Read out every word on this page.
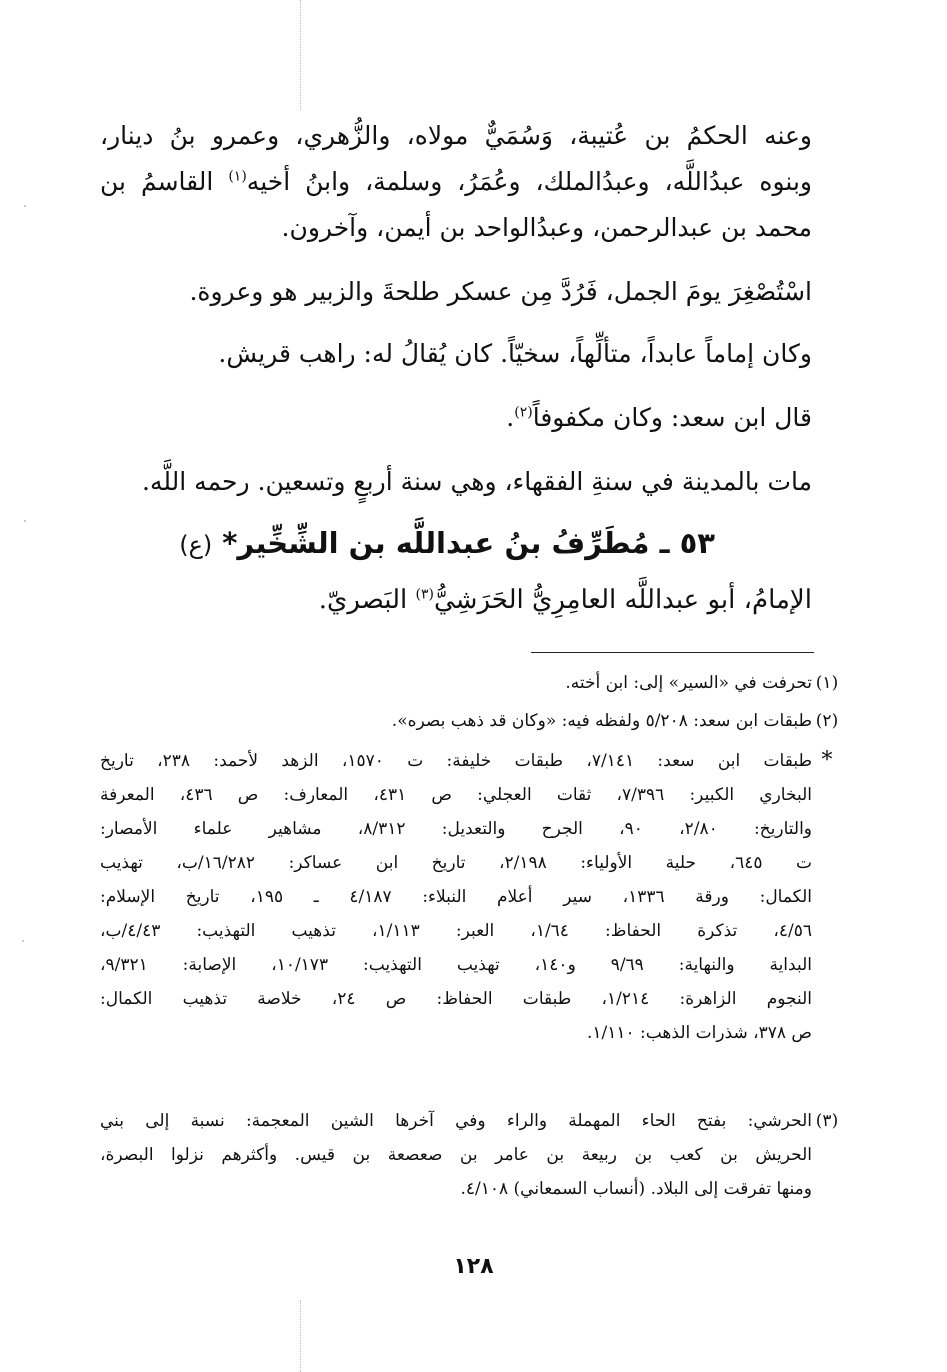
وعنه الحكمُ بن عُتيبة، وَسُمَيٌّ مولاه، والزُّهري، وعمرو بنُ دينار،
وبنوه عبدُاللَّه، وعبدُالملك، وعُمَرُ، وسلمة، وابنُ أخيه$^{(١)}$ القاسمُ بن
محمد بن عبدالرحمن، وعبدُالواحد بن أيمن، وآخرون.
اسْتُصْغِرَ يومَ الجمل، فَرُدَّ مِن عسكر طلحةَ والزبير هو وعروة.
وكان إماماً عابداً، متألِّهاً، سخيّاً. كان يُقالُ له: راهب قريش.
قال ابن سعد: وكان مكفوفاً$^{(٢)}$.
مات بالمدينة في سنةِ الفقهاء، وهي سنة أربعٍ وتسعين. رحمه اللَّه.
٥٣ ـ مُطَرِّفُ بنُ عبداللَّه بن الشِّخِّير*(ع)
الإمامُ، أبو عبداللَّه العامِرِيُّ الحَرَشِيُّ$^{(٣)}$ البَصريّ.
(١)
تحرفت في «السير» إلى: ابن أخته.
(٢)
طبقات ابن سعد: ٥/٢٠٨ ولفظه فيه: «وكان قد ذهب بصره».
*
طبقات ابن سعد: ٧/١٤١، طبقات خليفة: ت ١٥٧٠، الزهد لأحمد: ٢٣٨، تاريخ
البخاري الكبير: ٧/٣٩٦، ثقات العجلي: ص ٤٣١، المعارف: ص ٤٣٦، المعرفة
والتاريخ: ٢/٨٠، ٩٠، الجرح والتعديل: ٨/٣١٢، مشاهير علماء الأمصار:
ت ٦٤٥، حلية الأولياء: ٢/١٩٨، تاريخ ابن عساكر: ١٦/٢٨٢/ب، تهذيب
الكمال: ورقة ١٣٣٦، سير أعلام النبلاء: ٤/١٨٧ ـ ١٩٥، تاريخ الإسلام:
٤/٥٦، تذكرة الحفاظ: ١/٦٤، العبر: ١/١١٣، تذهيب التهذيب: ٤/٤٣/ب،
البداية والنهاية: ٩/٦٩ و١٤٠، تهذيب التهذيب: ١٠/١٧٣، الإصابة: ٩/٣٢١،
النجوم الزاهرة: ١/٢١٤، طبقات الحفاظ: ص ٢٤، خلاصة تذهيب الكمال:
ص ٣٧٨، شذرات الذهب: ١/١١٠.
(٣)
الحرشي: بفتح الحاء المهملة والراء وفي آخرها الشين المعجمة: نسبة إلى بني
الحريش بن كعب بن ربيعة بن عامر بن صعصعة بن قيس. وأكثرهم نزلوا البصرة،
ومنها تفرقت إلى البلاد. (أنساب السمعاني) ٤/١٠٨.
١٢٨
